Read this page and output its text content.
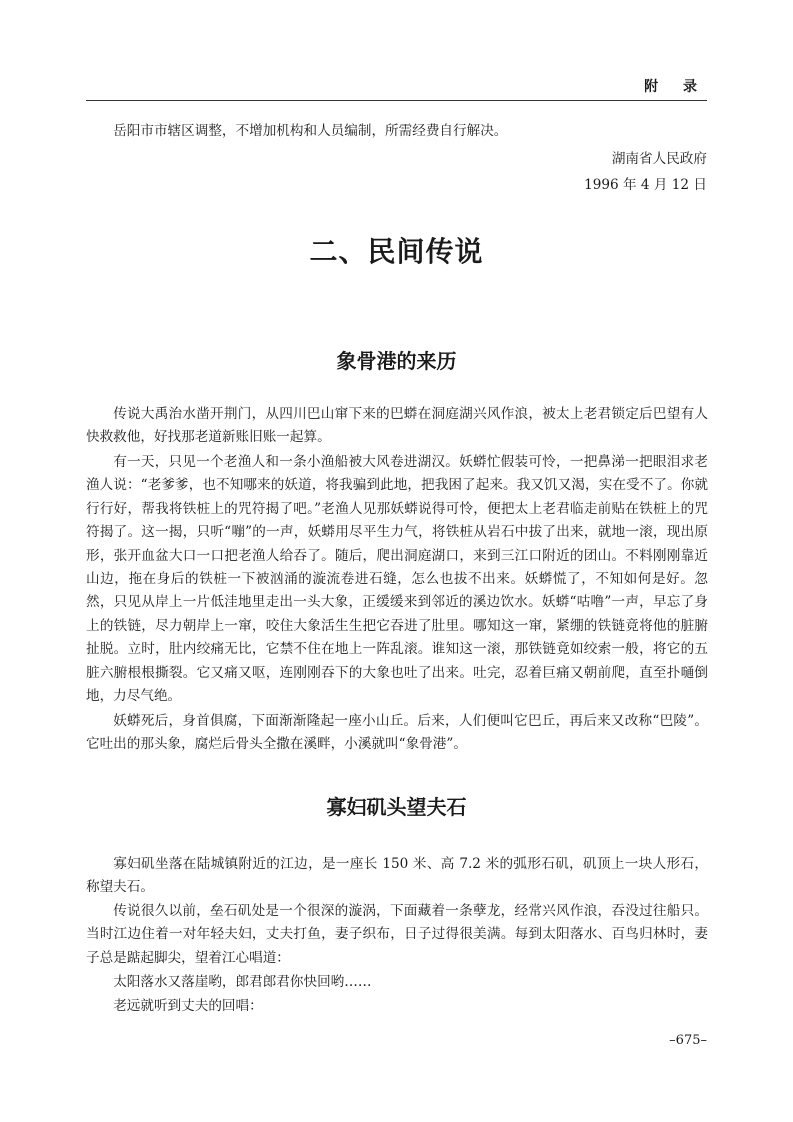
附 录

岳阳市市辖区调整，不增加机构和人员编制，所需经费自行解决。

湖南省人民政府
1996 年 4 月 12 日
二、民间传说
象骨港的来历

传说大禹治水凿开荆门，从四川巴山窜下来的巴蟒在洞庭湖兴风作浪，被太上老君锁定后巴望有人快救救他，好找那老道新账旧账一起算。

有一天，只见一个老渔人和一条小渔船被大风卷进湖汉。妖蟒忙假装可怜，一把鼻涕一把眼泪求老渔人说：“老爹爹，也不知哪来的妖道，将我骗到此地，把我困了起来。我又饥又渴，实在受不了。你就行行好，帮我将铁桩上的咒符揭了吧。”老渔人见那妖蟒说得可怜，便把太上老君临走前贴在铁桩上的咒符揭了。这一揭，只听“嘣”的一声，妖蟒用尽平生力气，将铁桩从岩石中拔了出来，就地一滚，现出原形，张开血盆大口一口把老渔人给吞了。随后，爬出洞庭湖口，来到三江口附近的团山。不料刚刚靠近山边，拖在身后的铁桩一下被汹涌的漩流卷进石缝，怎么也拔不出来。妖蟒慌了，不知如何是好。忽然，只见从岸上一片低洼地里走出一头大象，正缓缓来到邻近的溪边饮水。妖蟒“咕噜”一声，早忘了身上的铁链，尽力朝岸上一窜，咬住大象活生生把它吞进了肚里。哪知这一窜，紧绷的铁链竟将他的脏腑扯脱。立时，肚内绞痛无比，它禁不住在地上一阵乱滚。谁知这一滚，那铁链竟如绞索一般，将它的五脏六腑根根撕裂。它又痛又呕，连刚刚吞下的大象也吐了出来。吐完，忍着巨痛又朝前爬，直至扑嗵倒地，力尽气绝。

妖蟒死后，身首俱腐，下面渐渐隆起一座小山丘。后来，人们便叫它巴丘，再后来又改称“巴陵”。它吐出的那头象，腐烂后骨头全撒在溪畔，小溪就叫“象骨港”。

寡妇矶头望夫石

寡妇矶坐落在陆城镇附近的江边，是一座长 150 米、高 7.2 米的弧形石矶，矶顶上一块人形石，称望夫石。

传说很久以前，垒石矶处是一个很深的漩涡，下面藏着一条孽龙，经常兴风作浪，吞没过往船只。当时江边住着一对年轻夫妇，丈夫打鱼，妻子织布，日子过得很美满。每到太阳落水、百鸟归林时，妻子总是踮起脚尖，望着江心唱道：

太阳落水又落崖哟，郎君郎君你快回哟……

老远就听到丈夫的回唱：

–675–
